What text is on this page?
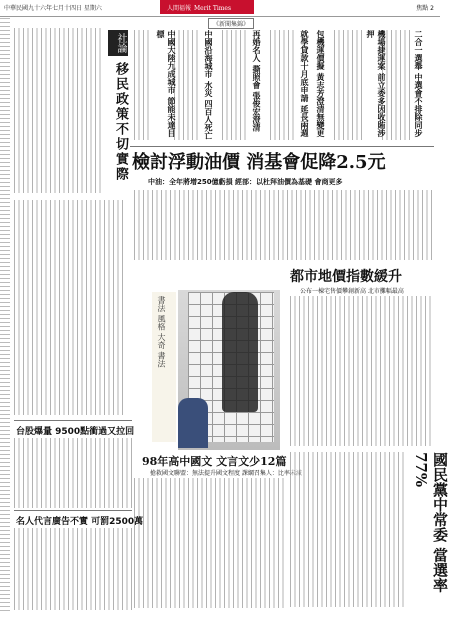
中華民國九十六年七月十四日 星期六	人間福報 Merit Times	焦點 2
《新聞集錦》
社論
移民政策不切實際	二合一選舉 中選會不排除同步
機場捷運案 前立委多因收賄涉押
包機運價擬 黃志芳澄清無變更
就學貸款十月底申請 延長兩週
再婚名人 撕照會 張俊宏澄清
中國沿海城市 水災 四百人死亡
中國大陸九成城市 節能未達目標
檢討浮動油價 消基會促降2.5元
中油：全年將增250億虧損 經部：以杜拜油價為基礎 會商更多
都市地價指數緩升
公布一棟宅售價攀創新高 北市攤幅最高
書法 風格 大奇 書法
98年高中國文 文言文少12篇
搶救國文聯盟：無法提升國文程度 課綱召集人：比率未減	國民黨中常委 當選率77%
台股爆量 9500點衝過又拉回
名人代言廣告不實 可罰2500萬
